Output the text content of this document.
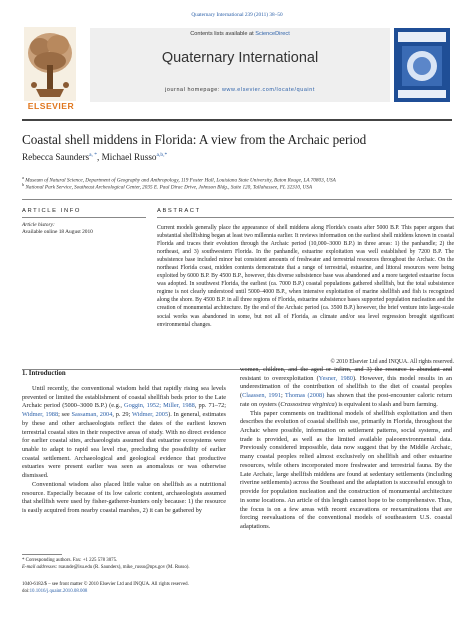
Quaternary International 239 (2011) 38–50
ELSEVIER
Contents lists available at ScienceDirect
Quaternary International
journal homepage: www.elsevier.com/locate/quaint
Coastal shell middens in Florida: A view from the Archaic period
Rebecca Saunders$^{a, *}$, Michael Russo$^{a,b,*}$
$^a$ Museum of Natural Science, Department of Geography and Anthropology, 119 Foster Hall, Louisiana State University, Baton Rouge, LA 70803, USA
$^b$ National Park Service, Southeast Archeological Center, 2035 E. Paul Dirac Drive, Johnson Bldg., Suite 120, Tallahassee, FL 32310, USA
ARTICLE INFO
Article history:
Available online 18 August 2010
ABSTRACT

Current models generally place the appearance of shell middens along Florida's coasts after 5000 B.P. This paper argues that substantial shellfishing began at least two millennia earlier. It reviews information on the earliest shell middens known in coastal Florida and traces their evolution through the Archaic period (10,000–3000 B.P.) in three areas: 1) the panhandle; 2) the northeast, and 3) southwestern Florida. In the panhandle, estuarine exploitation was well established by 7200 B.P. The subsistence base included minor but consistent amounts of freshwater and terrestrial resources throughout the Archaic. On the northeast Florida coast, midden contents demonstrate that a range of terrestrial, estuarine, and littoral resources were being exploited by 6000 B.P. By 4500 B.P., however, this diverse subsistence base was abandoned and a more targeted estuarine focus was adopted. In southwest Florida, the earliest (ca. 7000 B.P.) coastal populations gathered shellfish, but the total subsistence regime is not clearly understood until 5000–4000 B.P., when intensive exploitation of marine shellfish and fish is recognized along the shore. By 4500 B.P. in all three regions of Florida, estuarine subsistence bases supported population nucleation and the creation of monumental architecture. By the end of the Archaic period (ca. 3500 B.P.) however, the brief venture into large-scale social works was abandoned in some, but not all of Florida, as climate and/or sea level regression brought significant environmental changes.

© 2010 Elsevier Ltd and INQUA. All rights reserved.
1. Introduction

Until recently, the conventional wisdom held that rapidly rising sea levels prevented or limited the establishment of coastal shellfish beds prior to the Late Archaic period (5000–3000 B.P.) (e.g., Goggin, 1952; Miller, 1988, pp. 71–72; Widmer, 1988; see Sassaman, 2004, p. 29; Widmer, 2005). In general, estimates by these and other archaeologists reflect the dates of the earliest known terrestrial coastal sites in their respective areas of study. With no direct evidence for earlier coastal sites, archaeologists assumed that estuarine ecosystems were unable to adapt to rapid sea level rise, precluding the possibility of earlier coastal settlement. Archaeological and geological evidence that productive estuaries were present earlier was seen as anomalous or was otherwise dismissed.

Conventional wisdom also placed little value on shellfish as a nutritional resource. Especially because of its low caloric content, archaeologists assumed that shellfish were used by fisher-gatherer-hunters only because: 1) the resource is easily acquired from nearby coastal marshes, 2) it can be gathered by

women, children, and the aged or infirm, and 3) the resource is abundant and resistant to overexploitation (Yesner, 1980). However, this model results in an underestimation of the contribution of shellfish to the diet of coastal peoples (Claassen, 1991; Thomas (2008) has shown that the post-encounter caloric return rate on oysters (Crassostrea virginica) is equivalent to slash and burn farming.

This paper comments on traditional models of shellfish exploitation and then describes the evolution of coastal shellfish use, primarily in Florida, throughout the Archaic where possible, information on settlement patterns, social systems, and trade is provided, as well as the limited available paleoenvironmental data. Previously considered impossible, data now suggest that by the Middle Archaic, many coastal peoples relied almost exclusively on shellfish and other estuarine resources, while others incorporated more freshwater and terrestrial fauna. By the Late Archaic, large shellfish middens are found at sedentary settlements (including riverine settlements) across the Southeast and the adaptation is successful enough to provide for population nucleation and the construction of monumental architecture in some locations. An article of this length cannot hope to be comprehensive. Thus, the focus is on a few areas with recent excavations or reexaminations that are forcing reevaluations of the conventional models of southeastern U.S. coastal adaptations.

* Corresponding authors. Fax: +1 225 578 3075.
E-mail addresses: rsaunde@lsu.edu (R. Saunders), mike_russo@nps.gov (M. Russo).
1040-6182/$ – see front matter © 2010 Elsevier Ltd and INQUA. All rights reserved.
doi:10.1016/j.quaint.2010.08.008
